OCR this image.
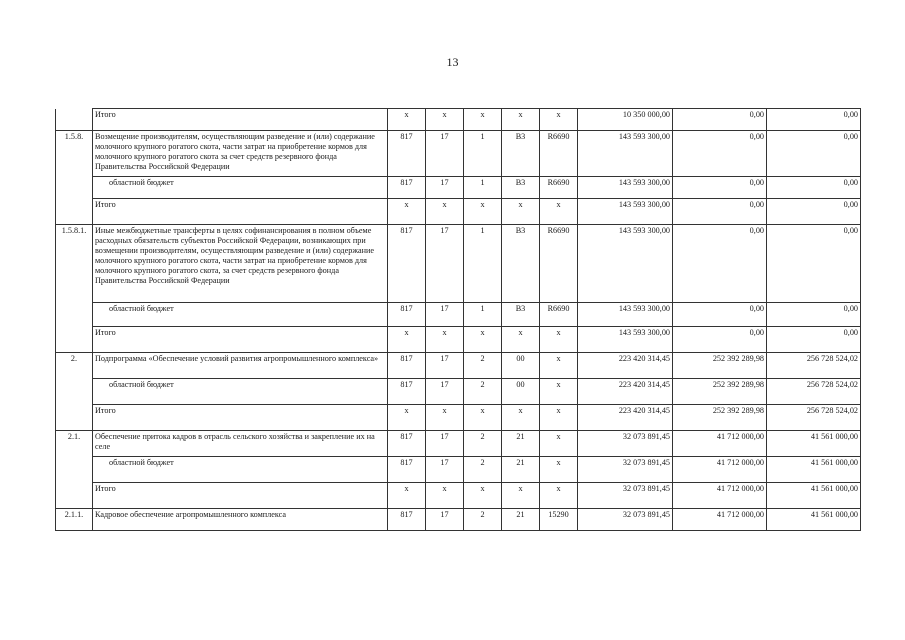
13
	Итого	x	x	x	x	x	10 350 000,00	0,00	0,00
1.5.8.	Возмещение производителям, осуществляющим разведение и (или) содержание молочного крупного рогатого скота, части затрат на приобретение кормов для молочного крупного рогатого скота за счет средств резервного фонда Правительства Российской Федерации	817	17	1	B3	R6690	143 593 300,00	0,00	0,00
	областной бюджет	817	17	1	B3	R6690	143 593 300,00	0,00	0,00
	Итого	x	x	x	x	x	143 593 300,00	0,00	0,00
1.5.8.1.	Иные межбюджетные трансферты в целях софинансирования в полном объеме расходных обязательств субъектов Российской Федерации, возникающих при возмещении производителям, осуществляющим разведение и (или) содержание молочного крупного рогатого скота, части затрат на приобретение кормов для молочного крупного рогатого скота, за счет средств резервного фонда Правительства Российской Федерации	817	17	1	B3	R6690	143 593 300,00	0,00	0,00
	областной бюджет	817	17	1	B3	R6690	143 593 300,00	0,00	0,00
	Итого	x	x	x	x	x	143 593 300,00	0,00	0,00
2.	Подпрограмма «Обеспечение условий развития агропромышленного комплекса»	817	17	2	00	x	223 420 314,45	252 392 289,98	256 728 524,02
	областной бюджет	817	17	2	00	x	223 420 314,45	252 392 289,98	256 728 524,02
	Итого	x	x	x	x	x	223 420 314,45	252 392 289,98	256 728 524,02
2.1.	Обеспечение притока кадров в отрасль сельского хозяйства и закрепление их на селе	817	17	2	21	x	32 073 891,45	41 712 000,00	41 561 000,00
	областной бюджет	817	17	2	21	x	32 073 891,45	41 712 000,00	41 561 000,00
	Итого	x	x	x	x	x	32 073 891,45	41 712 000,00	41 561 000,00
2.1.1.	Кадровое обеспечение агропромышленного комплекса	817	17	2	21	15290	32 073 891,45	41 712 000,00	41 561 000,00
